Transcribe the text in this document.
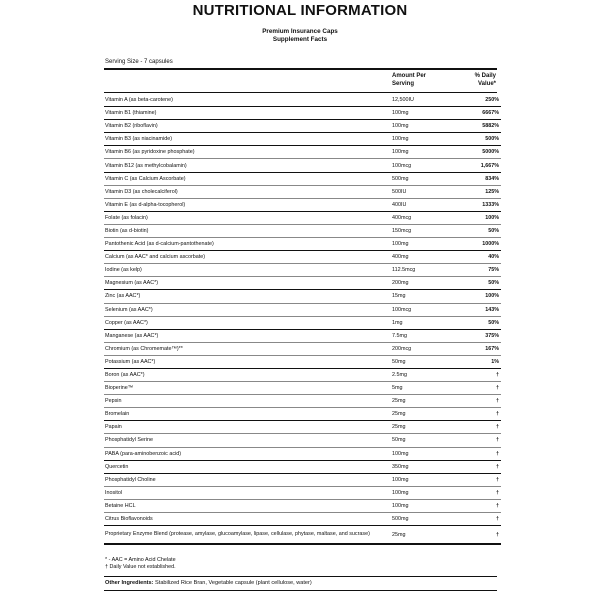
NUTRITIONAL INFORMATION
Premium Insurance Caps
Supplement Facts
Serving Size - 7 capsules
Amount Per
Serving
% Daily
Value*
Vitamin A (as beta-carotene)	12,500IU	250%
Vitamin B1 (thiamine)	100mg	6667%
Vitamin B2 (riboflavin)	100mg	5882%
Vitamin B3 (as niacinamide)	100mg	500%
Vitamin B6 (as pyridoxine phosphate)	100mg	5000%
Vitamin B12 (as methylcobalamin)	100mcg	1,667%
Vitamin C (as Calcium Ascorbate)	500mg	834%
Vitamin D3 (as cholecalciferol)	500IU	125%
Vitamin E (as d-alpha-tocopherol)	400IU	1333%
Folate (as folacin)	400mcg	100%
Biotin (as d-biotin)	150mcg	50%
Pantothenic Acid (as d-calcium-pantothenate)	100mg	1000%
Calcium (as AAC* and calcium ascorbate)	400mg	40%
Iodine (as kelp)	112.5mcg	75%
Magnesium (as AAC*)	200mg	50%
Zinc (as AAC*)	15mg	100%
Selenium (as AAC*)	100mcg	143%
Copper (as AAC*)	1mg	50%
Manganese (as AAC*)	7.5mg	375%
Chromium (as Chromemate™)**	200mcg	167%
Potassium (as AAC*)	50mg	1%
Boron (as AAC*)	2.5mg	†
Bioperine™	5mg	†
Pepsin	25mg	†
Bromelain	25mg	†
Papain	25mg	†
Phosphatidyl Serine	50mg	†
PABA (para-aminobenzoic acid)	100mg	†
Quercetin	350mg	†
Phosphatidyl Choline	100mg	†
Inositol	100mg	†
Betaine HCL	100mg	†
Citrus Bioflavonoids	500mg	†
Proprietary Enzyme Blend (protease, amylase, glucoamylase, lipase, cellulase, phytase, maltase, and sucrase)	25mg	†
* - AAC = Amino Acid Chelate
† Daily Value not established.
Other Ingredients: Stabilized Rice Bran, Vegetable capsule (plant cellulose, water)
